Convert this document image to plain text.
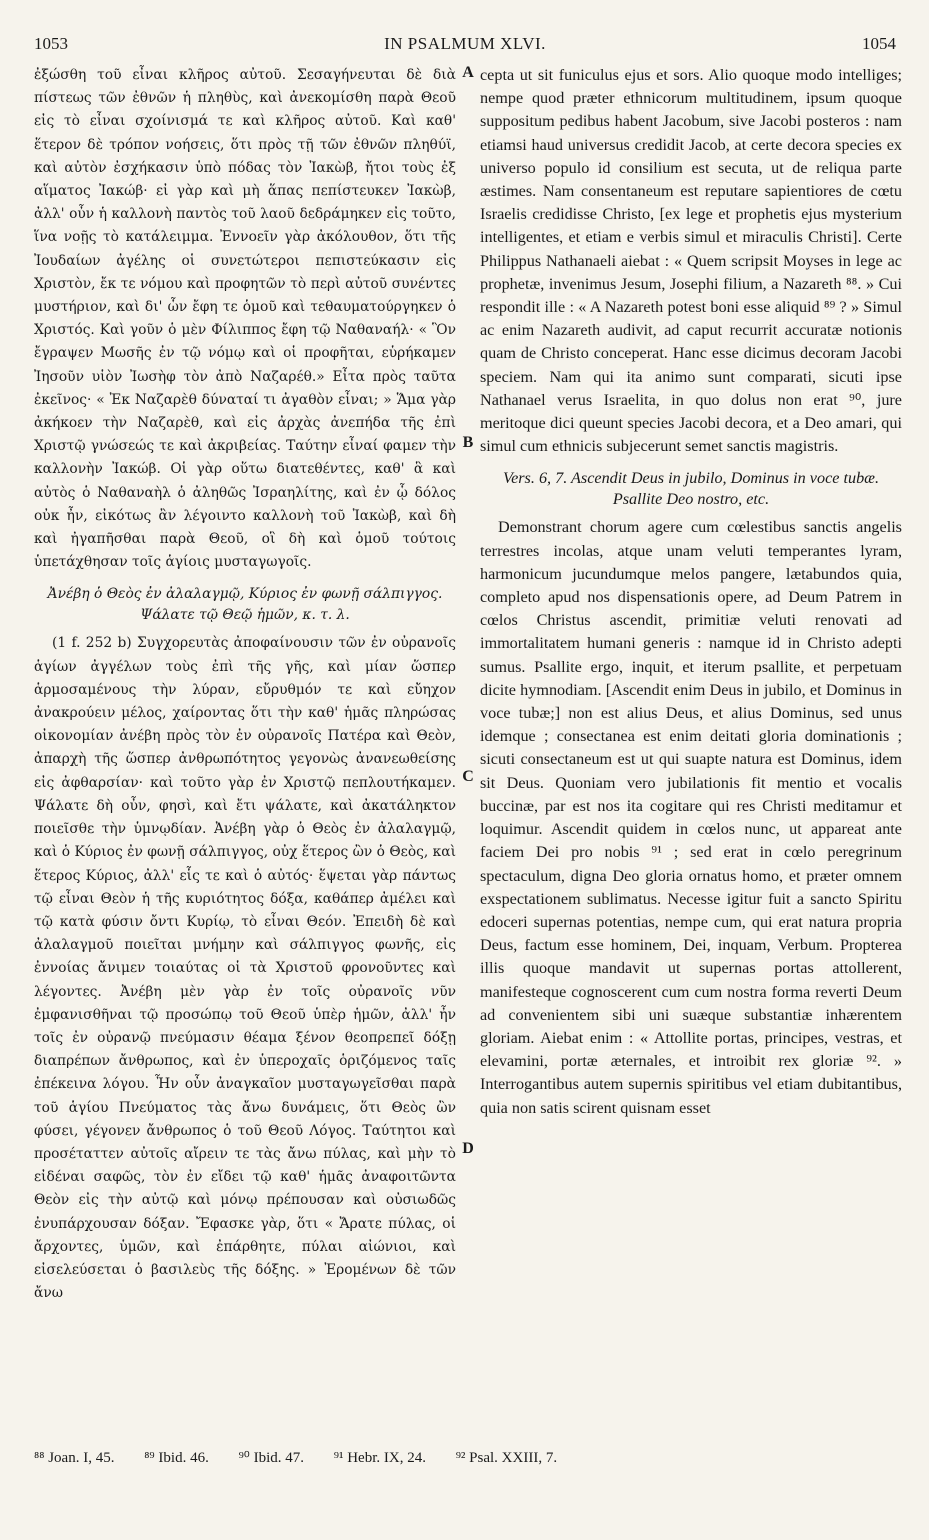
1053	IN PSALMUM XLVI.	1054

ἐξώσθη τοῦ εἶναι κλῆρος αὐτοῦ. Σεσαγήνευται δὲ διὰ πίστεως τῶν ἐθνῶν ἡ πληθὺς, καὶ ἀνεκομίσθη παρὰ Θεοῦ εἰς τὸ εἶναι σχοίνισμά τε καὶ κλῆρος αὐτοῦ. Καὶ καθ' ἕτερον δὲ τρόπον νοήσεις, ὅτι πρὸς τῇ τῶν ἐθνῶν πληθύϊ, καὶ αὐτὸν ἐσχήκασιν ὑπὸ πόδας τὸν Ἰακὼβ, ἤτοι τοὺς ἐξ αἵματος Ἰακώβ· εἰ γὰρ καὶ μὴ ἅπας πεπίστευκεν Ἰακὼβ, ἀλλ' οὖν ἡ καλλονὴ παντὸς τοῦ λαοῦ δεδράμηκεν εἰς τοῦτο, ἵνα νοῇς τὸ κατάλειμμα. Ἐννοεῖν γὰρ ἀκόλουθον, ὅτι τῆς Ἰουδαίων ἀγέλης οἱ συνετώτεροι πεπιστεύκασιν εἰς Χριστὸν, ἔκ τε νόμου καὶ προφητῶν τὸ περὶ αὐτοῦ συνέντες μυστήριον, καὶ δι' ὧν ἔφη τε ὁμοῦ καὶ τεθαυματούργηκεν ὁ Χριστός. Καὶ γοῦν ὁ μὲν Φίλιππος ἔφη τῷ Ναθαναήλ· « Ὃν ἔγραψεν Μωσῆς ἐν τῷ νόμῳ καὶ οἱ προφῆται, εὑρήκαμεν Ἰησοῦν υἱὸν Ἰωσὴφ τὸν ἀπὸ Ναζαρέθ.» Εἶτα πρὸς ταῦτα ἐκεῖνος· « Ἐκ Ναζαρὲθ δύναταί τι ἀγαθὸν εἶναι; » Ἅμα γὰρ ἀκήκοεν τὴν Ναζαρὲθ, καὶ εἰς ἀρχὰς ἀνεπήδα τῆς ἐπὶ Χριστῷ γνώσεώς τε καὶ ἀκριβείας. Ταύτην εἶναί φαμεν τὴν καλλονὴν Ἰακώβ. Οἱ γὰρ οὕτω διατεθέντες, καθ' ἃ καὶ αὐτὸς ὁ Ναθαναὴλ ὁ ἀληθῶς Ἰσραηλίτης, καὶ ἐν ᾧ δόλος οὐκ ἦν, εἰκότως ἂν λέγοιντο καλλονὴ τοῦ Ἰακὼβ, καὶ δὴ καὶ ἠγαπῆσθαι παρὰ Θεοῦ, οἳ δὴ καὶ ὁμοῦ τούτοις ὑπετάχθησαν τοῖς ἁγίοις μυσταγωγοῖς.

Ἀνέβη ὁ Θεὸς ἐν ἀλαλαγμῷ, Κύριος ἐν φωνῇ σάλπιγγος. Ψάλατε τῷ Θεῷ ἡμῶν, κ. τ. λ.

(1 f. 252 b) Συγχορευτὰς ἀποφαίνουσιν τῶν ἐν οὐρανοῖς ἁγίων ἀγγέλων τοὺς ἐπὶ τῆς γῆς, καὶ μίαν ὥσπερ ἁρμοσαμένους τὴν λύραν, εὔρυθμόν τε καὶ εὔηχον ἀνακρούειν μέλος, χαίροντας ὅτι τὴν καθ' ἡμᾶς πληρώσας οἰκονομίαν ἀνέβη πρὸς τὸν ἐν οὐρανοῖς Πατέρα καὶ Θεὸν, ἀπαρχὴ τῆς ὥσπερ ἀνθρωπότητος γεγονὼς ἀνανεωθείσης εἰς ἀφθαρσίαν· καὶ τοῦτο γὰρ ἐν Χριστῷ πεπλουτήκαμεν. Ψάλατε δὴ οὖν, φησὶ, καὶ ἔτι ψάλατε, καὶ ἀκατάληκτον ποιεῖσθε τὴν ὑμνῳδίαν. Ἀνέβη γὰρ ὁ Θεὸς ἐν ἀλαλαγμῷ, καὶ ὁ Κύριος ἐν φωνῇ σάλπιγγος, οὐχ ἕτερος ὢν ὁ Θεὸς, καὶ ἕτερος Κύριος, ἀλλ' εἷς τε καὶ ὁ αὐτός· ἕψεται γὰρ πάντως τῷ εἶναι Θεὸν ἡ τῆς κυριότητος δόξα, καθάπερ ἀμέλει καὶ τῷ κατὰ φύσιν ὄντι Κυρίῳ, τὸ εἶναι Θεόν. Ἐπειδὴ δὲ καὶ ἀλαλαγμοῦ ποιεῖται μνήμην καὶ σάλπιγγος φωνῆς, εἰς ἐννοίας ἄνιμεν τοιαύτας οἱ τὰ Χριστοῦ φρονοῦντες καὶ λέγοντες. Ἀνέβη μὲν γὰρ ἐν τοῖς οὐρανοῖς νῦν ἐμφανισθῆναι τῷ προσώπῳ τοῦ Θεοῦ ὑπὲρ ἡμῶν, ἀλλ' ἦν τοῖς ἐν οὐρανῷ πνεύμασιν θέαμα ξένον θεοπρεπεῖ δόξῃ διαπρέπων ἄνθρωπος, καὶ ἐν ὑπεροχαῖς ὁριζόμενος ταῖς ἐπέκεινα λόγου. Ἦν οὖν ἀναγκαῖον μυσταγωγεῖσθαι παρὰ τοῦ ἁγίου Πνεύματος τὰς ἄνω δυνάμεις, ὅτι Θεὸς ὢν φύσει, γέγονεν ἄνθρωπος ὁ τοῦ Θεοῦ Λόγος. Ταύτητοι καὶ προσέταττεν αὐτοῖς αἴρειν τε τὰς ἄνω πύλας, καὶ μὴν τὸ εἰδέναι σαφῶς, τὸν ἐν εἴδει τῷ καθ' ἡμᾶς ἀναφοιτῶντα Θεὸν εἰς τὴν αὐτῷ καὶ μόνῳ πρέπουσαν καὶ οὐσιωδῶς ἐνυπάρχουσαν δόξαν. Ἔφασκε γὰρ, ὅτι « Ἄρατε πύλας, οἱ ἄρχοντες, ὑμῶν, καὶ ἐπάρθητε, πύλαι αἰώνιοι, καὶ εἰσελεύσεται ὁ βασιλεὺς τῆς δόξης. » Ἐρομένων δὲ τῶν ἄνω

A
B
C
D

cepta ut sit funiculus ejus et sors. Alio quoque modo intelliges; nempe quod præter ethnicorum multitudinem, ipsum quoque suppositum pedibus habent Jacobum, sive Jacobi posteros : nam etiamsi haud universus credidit Jacob, at certe decora species ex universo populo id consilium est secuta, ut de reliqua parte æstimes. Nam consentaneum est reputare sapientiores de cœtu Israelis credidisse Christo, [ex lege et prophetis ejus mysterium intelligentes, et etiam e verbis simul et miraculis Christi]. Certe Philippus Nathanaeli aiebat : « Quem scripsit Moyses in lege ac prophetæ, invenimus Jesum, Josephi filium, a Nazareth ⁸⁸. » Cui respondit ille : « A Nazareth potest boni esse aliquid ⁸⁹ ? » Simul ac enim Nazareth audivit, ad caput recurrit accuratæ notionis quam de Christo conceperat. Hanc esse dicimus decoram Jacobi speciem. Nam qui ita animo sunt comparati, sicuti ipse Nathanael verus Israelita, in quo dolus non erat ⁹⁰, jure meritoque dici queunt species Jacobi decora, et a Deo amari, qui simul cum ethnicis subjecerunt semet sanctis magistris.

Vers. 6, 7. Ascendit Deus in jubilo, Dominus in voce tubæ. Psallite Deo nostro, etc.

Demonstrant chorum agere cum cœlestibus sanctis angelis terrestres incolas, atque unam veluti temperantes lyram, harmonicum jucundumque melos pangere, lætabundos quia, completo apud nos dispensationis opere, ad Deum Patrem in cœlos Christus ascendit, primitiæ veluti renovati ad immortalitatem humani generis : namque id in Christo adepti sumus. Psallite ergo, inquit, et iterum psallite, et perpetuam dicite hymnodiam. [Ascendit enim Deus in jubilo, et Dominus in voce tubæ;] non est alius Deus, et alius Dominus, sed unus idemque ; consectanea est enim deitati gloria dominationis ; sicuti consectaneum est ut qui suapte natura est Dominus, idem sit Deus. Quoniam vero jubilationis fit mentio et vocalis buccinæ, par est nos ita cogitare qui res Christi meditamur et loquimur. Ascendit quidem in cœlos nunc, ut appareat ante faciem Dei pro nobis ⁹¹ ; sed erat in cœlo peregrinum spectaculum, digna Deo gloria ornatus homo, et præter omnem exspectationem sublimatus. Necesse igitur fuit a sancto Spiritu edoceri supernas potentias, nempe cum, qui erat natura propria Deus, factum esse hominem, Dei, inquam, Verbum. Propterea illis quoque mandavit ut supernas portas attollerent, manifesteque cognoscerent cum cum nostra forma reverti Deum ad convenientem sibi uni suæque substantiæ inhærentem gloriam. Aiebat enim : « Attollite portas, principes, vestras, et elevamini, portæ æternales, et introibit rex gloriæ ⁹². » Interrogantibus autem supernis spiritibus vel etiam dubitantibus, quia non satis scirent quisnam esset

⁸⁸ Joan. I, 45. ⁸⁹ Ibid. 46. ⁹⁰ Ibid. 47. ⁹¹ Hebr. IX, 24. ⁹² Psal. XXIII, 7.
